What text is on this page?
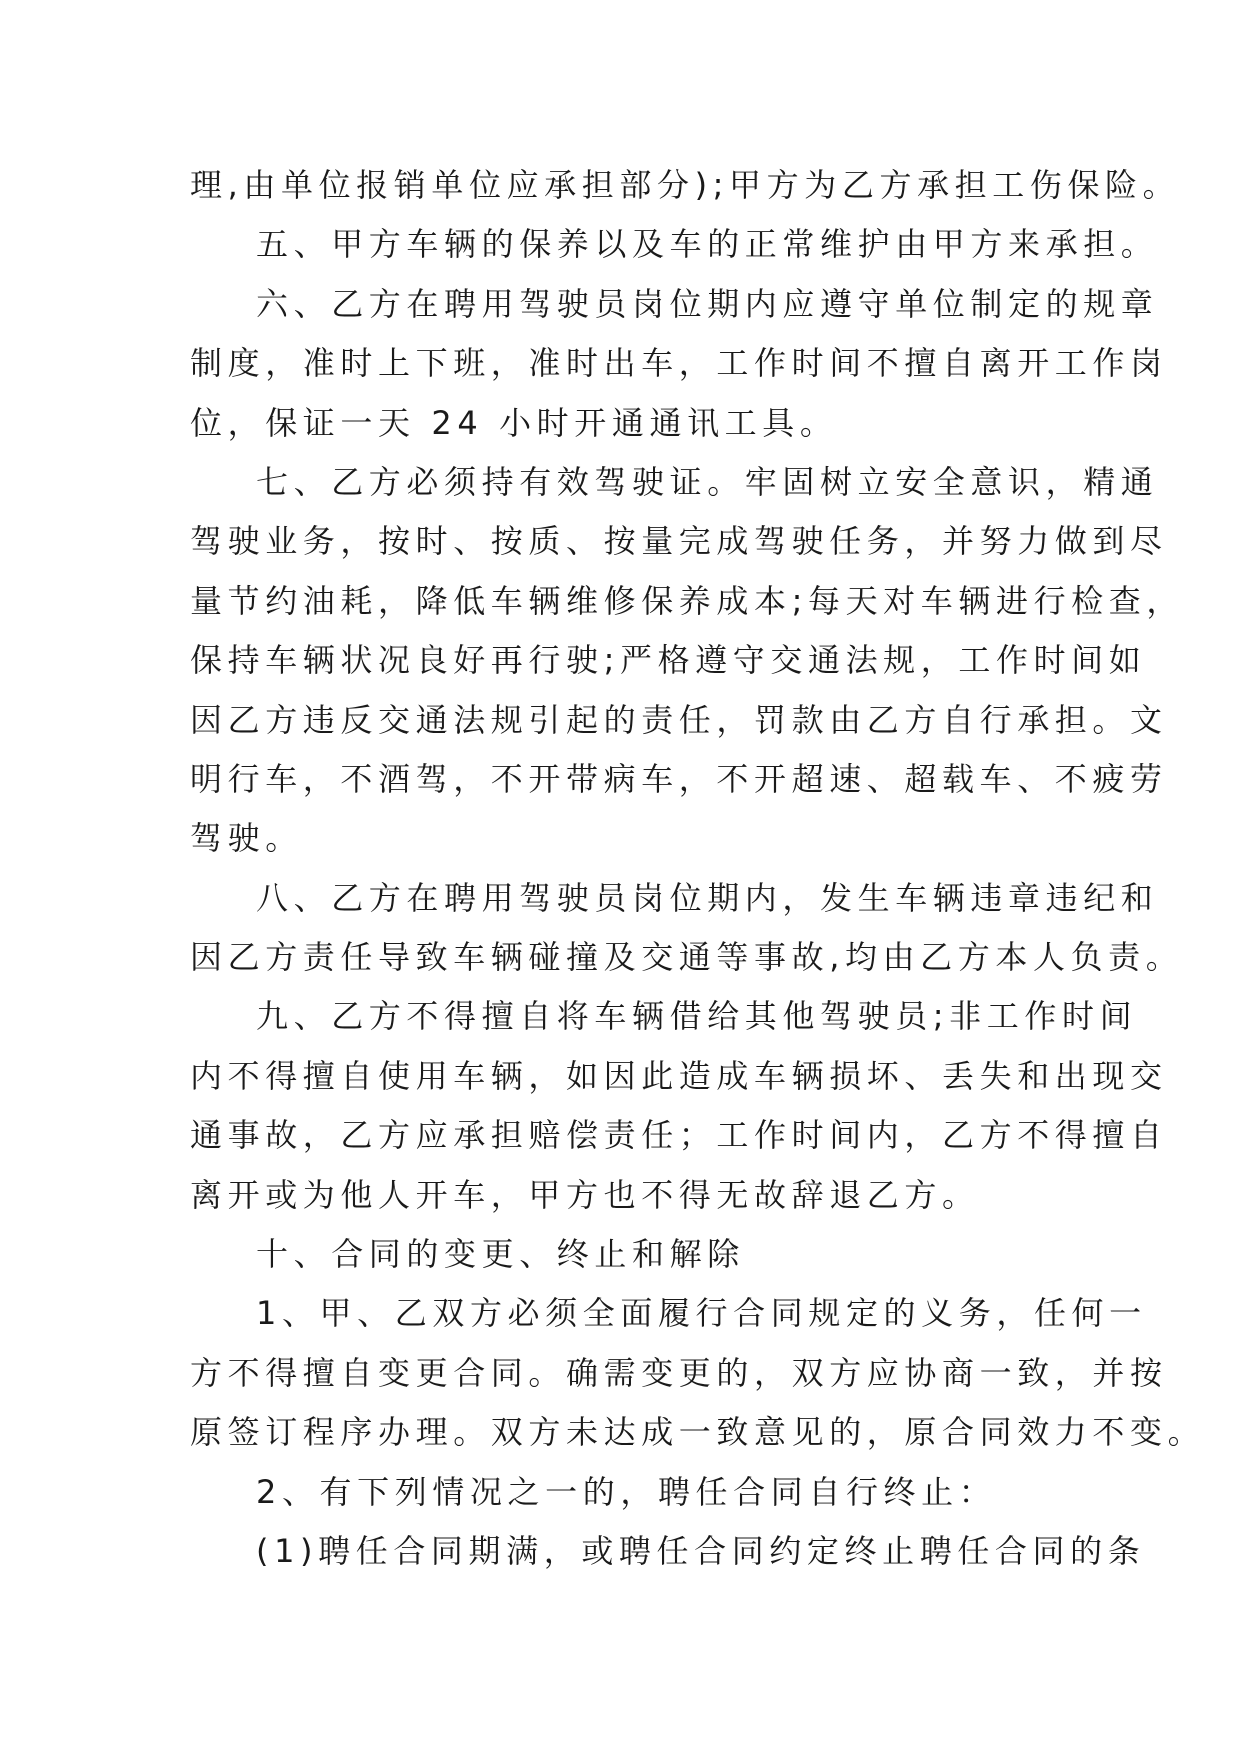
理,由单位报销单位应承担部分);甲方为乙方承担工伤保险。
五、甲方车辆的保养以及车的正常维护由甲方来承担。
六、乙方在聘用驾驶员岗位期内应遵守单位制定的规章
制度，准时上下班，准时出车，工作时间不擅自离开工作岗
位，保证一天 24 小时开通通讯工具。
七、乙方必须持有效驾驶证。牢固树立安全意识，精通
驾驶业务，按时、按质、按量完成驾驶任务，并努力做到尽
量节约油耗，降低车辆维修保养成本;每天对车辆进行检查，
保持车辆状况良好再行驶;严格遵守交通法规，工作时间如
因乙方违反交通法规引起的责任，罚款由乙方自行承担。文
明行车，不酒驾，不开带病车，不开超速、超载车、不疲劳
驾驶。
八、乙方在聘用驾驶员岗位期内，发生车辆违章违纪和
因乙方责任导致车辆碰撞及交通等事故,均由乙方本人负责。
九、乙方不得擅自将车辆借给其他驾驶员;非工作时间
内不得擅自使用车辆，如因此造成车辆损坏、丢失和出现交
通事故，乙方应承担赔偿责任；工作时间内，乙方不得擅自
离开或为他人开车，甲方也不得无故辞退乙方。
十、合同的变更、终止和解除
1、甲、乙双方必须全面履行合同规定的义务，任何一
方不得擅自变更合同。确需变更的，双方应协商一致，并按
原签订程序办理。双方未达成一致意见的，原合同效力不变。
2、有下列情况之一的，聘任合同自行终止：
(1)聘任合同期满，或聘任合同约定终止聘任合同的条
